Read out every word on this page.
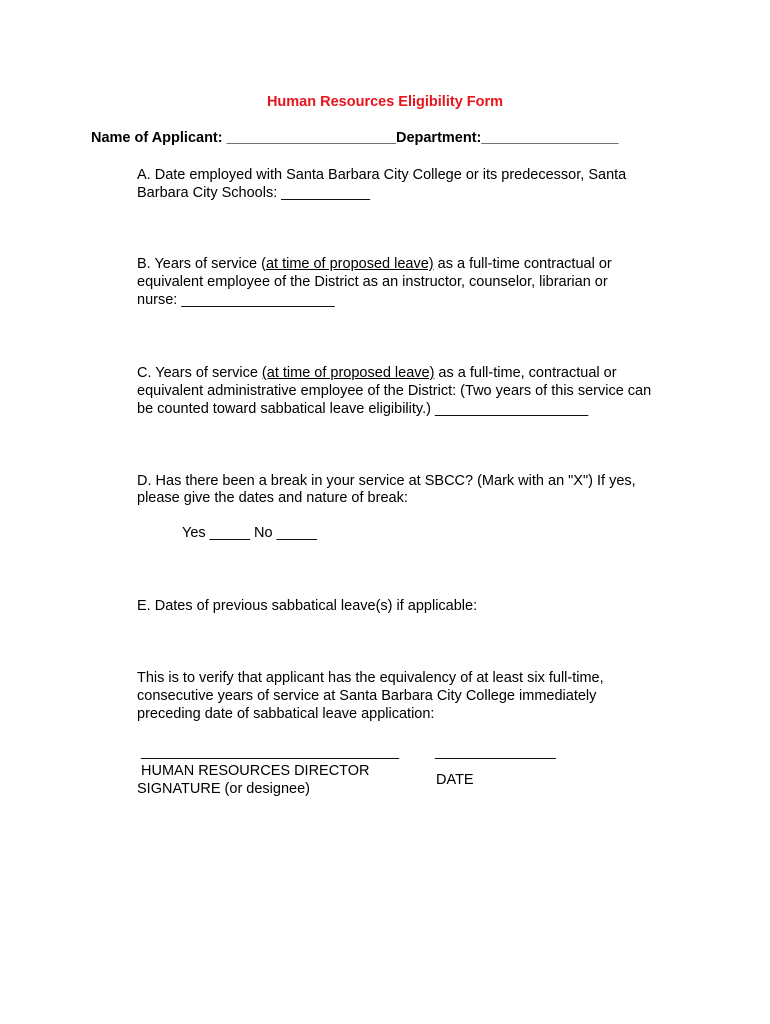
Human Resources Eligibility Form
Name of Applicant: _____________________Department:_________________
A. Date employed with Santa Barbara City College or its predecessor, Santa
Barbara City Schools: ___________
B. Years of service (at time of proposed leave) as a full-time contractual or
equivalent employee of the District as an instructor, counselor, librarian or
nurse: ___________________
C. Years of service (at time of proposed leave) as a full-time, contractual or
equivalent administrative employee of the District: (Two years of this service can
be counted toward sabbatical leave eligibility.) ___________________
D. Has there been a break in your service at SBCC? (Mark with an "X") If yes,
please give the dates and nature of break:
Yes _____ No _____
E. Dates of previous sabbatical leave(s) if applicable:
This is to verify that applicant has the equivalency of at least six full-time,
consecutive years of service at Santa Barbara City College immediately
preceding date of sabbatical leave application:
________________________________ _______________
HUMAN RESOURCES DIRECTOR
SIGNATURE (or designee)
DATE
